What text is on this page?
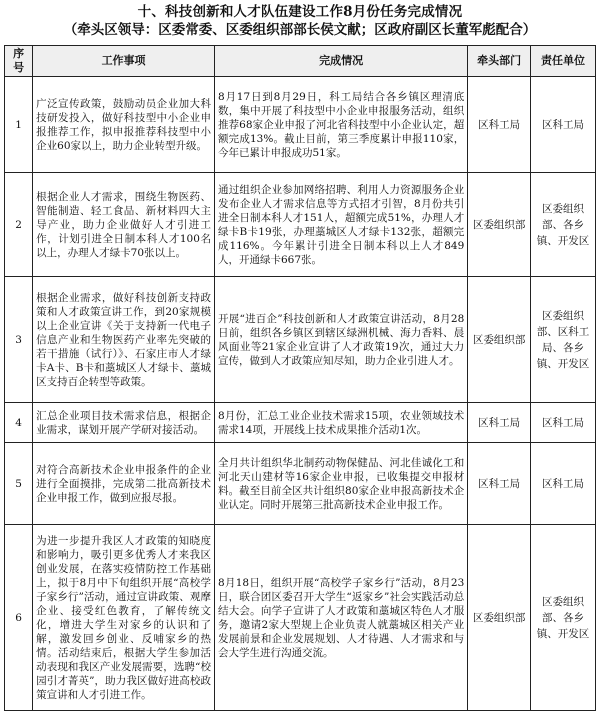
十、科技创新和人才队伍建设工作8月份任务完成情况
（牵头区领导：区委常委、区委组织部部长侯文献；区政府副区长董军彪配合）
序号	工作事项	完成情况	牵头部门	责任单位
1	广泛宣传政策，鼓励动员企业加大科技研发投入，做好科技型中小企业申报推荐工作，拟申报推荐科技型中小企业60家以上，助力企业转型升级。	8月17日到8月29日，科工局结合各乡镇区理清底数，集中开展了科技型中小企业申报服务活动，组织推荐68家企业申报了河北省科技型中小企业认定，超额完成13%。截止目前，第三季度累计申报110家，今年已累计申报成功51家。	区科工局	区科工局
2	根据企业人才需求，围绕生物医药、智能制造、轻工食品、新材料四大主导产业，助力企业做好人才引进工作，计划引进全日制本科人才100名以上，办理人才绿卡70张以上。	通过组织企业参加网络招聘、利用人力资源服务企业发布企业人才需求信息等方式招才引智，8月份共引进全日制本科人才151人，超额完成51%，办理人才绿卡B卡19张，办理藁城区人才绿卡132张，超额完成116%。今年累计引进全日制本科以上人才849人，开通绿卡667张。	区委组织部	区委组织部、各乡镇、开发区
3	根据企业需求，做好科技创新支持政策和人才政策宣讲工作，到20家规模以上企业宣讲《关于支持新一代电子信息产业和生物医药产业率先突破的若干措施（试行）》、石家庄市人才绿卡A卡、B卡和藁城区人才绿卡、藁城区支持百企转型等政策。	开展“进百企”科技创新和人才政策宣讲活动，8月28日前，组织各乡镇区到辖区绿洲机械、海力香料、晨风面业等21家企业宣讲了人才政策19次，通过大力宣传，做到人才政策应知尽知，助力企业引进人才。	区委组织部	区委组织部、区科工局、各乡镇、开发区
4	汇总企业项目技术需求信息，根据企业需求，谋划开展产学研对接活动。	8月份，汇总工业企业技术需求15项，农业领域技术需求14项，开展线上技术成果推介活动1次。	区科工局	区科工局
5	对符合高新技术企业申报条件的企业进行全面摸排，完成第二批高新技术企业申报工作，做到应报尽报。	全月共计组织华北制药动物保健品、河北佳诚化工和河北天山建材等16家企业申报，已收集提交申报材料。截至目前全区共计组织80家企业申报高新技术企业认定。同时开展第三批高新技术企业申报工作。	区科工局	区科工局
6	为进一步提升我区人才政策的知晓度和影响力，吸引更多优秀人才来我区创业发展，在落实疫情防控工作基础上，拟于8月中下旬组织开展“高校学子家乡行”活动，通过宣讲政策、观摩企业、接受红色教育，了解传统文化，增进大学生对家乡的认识和了解，激发回乡创业、反哺家乡的热情。活动结束后，根据大学生参加活动表现和我区产业发展需要，选聘“校园引才菁英”，助力我区做好进高校政策宣讲和人才引进工作。	8月18日，组织开展“高校学子家乡行”活动，8月23日，联合团区委召开大学生“返家乡”社会实践活动总结大会。向学子宣讲了人才政策和藁城区特色人才服务，邀请2家大型规上企业负责人就藁城区相关产业发展前景和企业发展规划、人才待遇、人才需求和与会大学生进行沟通交流。	区委组织部	区委组织部、各乡镇、开发区
